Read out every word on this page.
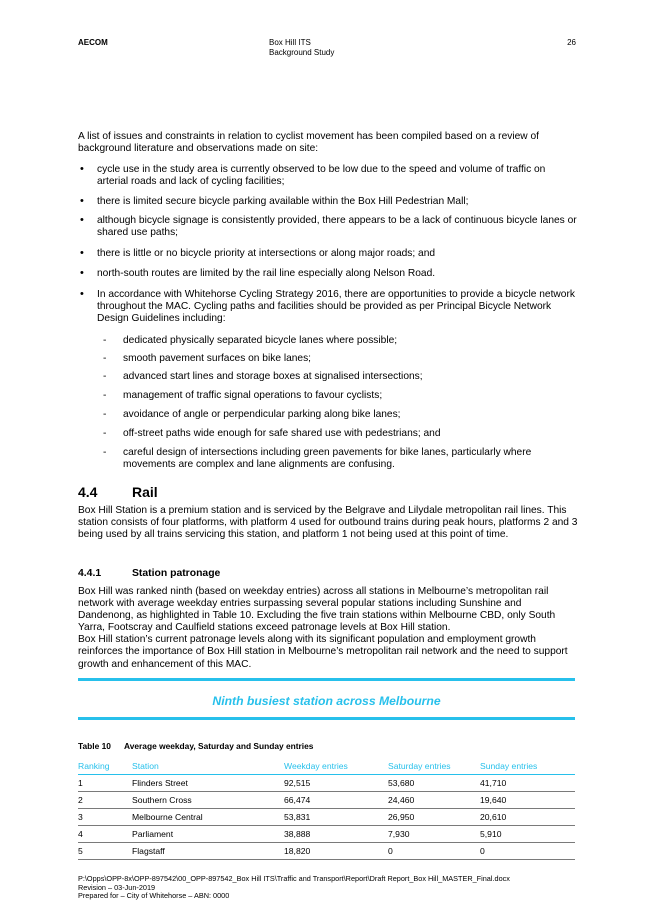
AECOM	Box Hill ITS
Background Study
26
A list of issues and constraints in relation to cyclist movement has been compiled based on a review of background literature and observations made on site:
• cycle use in the study area is currently observed to be low due to the speed and volume of traffic on arterial roads and lack of cycling facilities;
• there is limited secure bicycle parking available within the Box Hill Pedestrian Mall;
• although bicycle signage is consistently provided, there appears to be a lack of continuous bicycle lanes or shared use paths;
• there is little or no bicycle priority at intersections or along major roads; and
• north-south routes are limited by the rail line especially along Nelson Road.
• In accordance with Whitehorse Cycling Strategy 2016, there are opportunities to provide a bicycle network throughout the MAC. Cycling paths and facilities should be provided as per Principal Bicycle Network Design Guidelines including:
- dedicated physically separated bicycle lanes where possible;
- smooth pavement surfaces on bike lanes;
- advanced start lines and storage boxes at signalised intersections;
- management of traffic signal operations to favour cyclists;
- avoidance of angle or perpendicular parking along bike lanes;
- off-street paths wide enough for safe shared use with pedestrians; and
- careful design of intersections including green pavements for bike lanes, particularly where movements are complex and lane alignments are confusing.
4.4 Rail
Box Hill Station is a premium station and is serviced by the Belgrave and Lilydale metropolitan rail lines. This station consists of four platforms, with platform 4 used for outbound trains during peak hours, platforms 2 and 3 being used by all trains servicing this station, and platform 1 not being used at this point of time.
4.4.1	Station patronage
Box Hill was ranked ninth (based on weekday entries) across all stations in Melbourne’s metropolitan rail network with average weekday entries surpassing several popular stations including Sunshine and Dandenong, as highlighted in Table 10. Excluding the five train stations within Melbourne CBD, only South Yarra, Footscray and Caulfield stations exceed patronage levels at Box Hill station.
Box Hill station’s current patronage levels along with its significant population and employment growth reinforces the importance of Box Hill station in Melbourne’s metropolitan rail network and the need to support growth and enhancement of this MAC.
Ninth busiest station across Melbourne
Table 10 Average weekday, Saturday and Sunday entries
Ranking	Station	Weekday entries	Saturday entries	Sunday entries
1	Flinders Street	92,515	53,680	41,710
2	Southern Cross	66,474	24,460	19,640
3	Melbourne Central	53,831	26,950	20,610
4	Parliament	38,888	7,930	5,910
5	Flagstaff	18,820	0	0
P:\Opps\OPP-8x\OPP-897542\00_OPP-897542_Box Hill ITS\Traffic and Transport\Report\Draft Report_Box Hill_MASTER_Final.docx
Revision – 03-Jun-2019
Prepared for – City of Whitehorse – ABN: 0000
